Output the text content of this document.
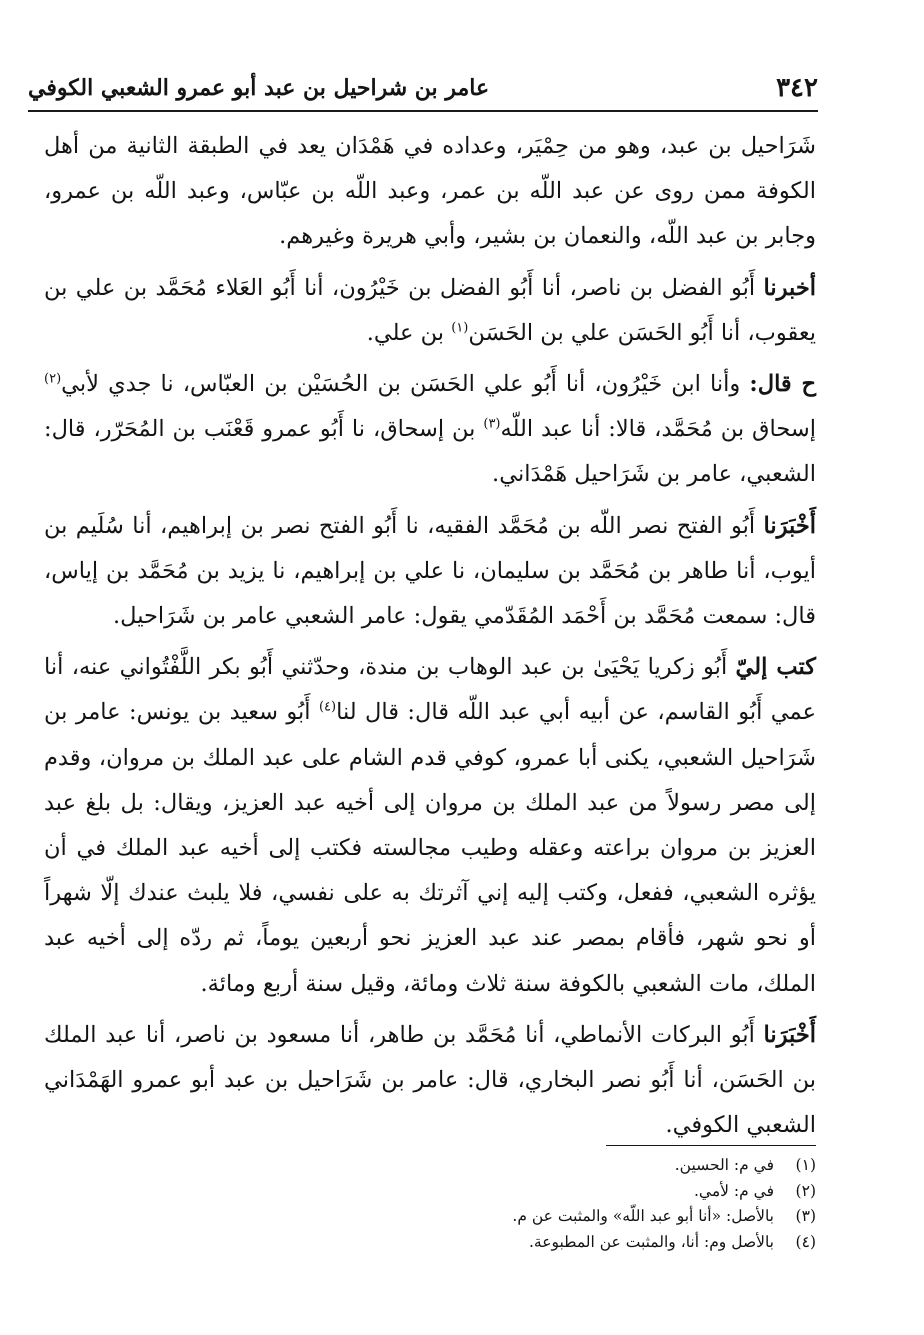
٣٤٢
عامر بن شراحيل بن عبد أبو عمرو الشعبي الكوفي

شَرَاحيل بن عبد، وهو من حِمْيَر، وعداده في هَمْدَان يعد في الطبقة الثانية من أهل الكوفة ممن روى عن عبد اللّه بن عمر، وعبد اللّه بن عبّاس، وعبد اللّه بن عمرو، وجابر بن عبد اللّه، والنعمان بن بشير، وأبي هريرة وغيرهم.

أخبرنا أَبُو الفضل بن ناصر، أنا أَبُو الفضل بن خَيْرُون، أنا أَبُو العَلاء مُحَمَّد بن علي بن يعقوب، أنا أَبُو الحَسَن علي بن الحَسَن$^{(١)}$ بن علي.

ح قال: وأنا ابن خَيْرُون، أنا أَبُو علي الحَسَن بن الحُسَيْن بن العبّاس، نا جدي لأبي$^{(٢)}$ إسحاق بن مُحَمَّد، قالا: أنا عبد اللّه$^{(٣)}$ بن إسحاق، نا أَبُو عمرو قَعْنَب بن المُحَرّر، قال: الشعبي، عامر بن شَرَاحيل هَمْدَاني.

أَخْبَرَنا أَبُو الفتح نصر اللّه بن مُحَمَّد الفقيه، نا أَبُو الفتح نصر بن إبراهيم، أنا سُلَيم بن أيوب، أنا طاهر بن مُحَمَّد بن سليمان، نا علي بن إبراهيم، نا يزيد بن مُحَمَّد بن إياس، قال: سمعت مُحَمَّد بن أَحْمَد المُقَدّمي يقول: عامر الشعبي عامر بن شَرَاحيل.

كتب إليّ أَبُو زكريا يَحْيَىٰ بن عبد الوهاب بن مندة، وحدّثني أَبُو بكر اللَّفْتُواني عنه، أنا عمي أَبُو القاسم، عن أبيه أبي عبد اللّه قال: قال لنا$^{(٤)}$ أَبُو سعيد بن يونس: عامر بن شَرَاحيل الشعبي، يكنى أبا عمرو، كوفي قدم الشام على عبد الملك بن مروان، وقدم إلى مصر رسولاً من عبد الملك بن مروان إلى أخيه عبد العزيز، ويقال: بل بلغ عبد العزيز بن مروان براعته وعقله وطيب مجالسته فكتب إلى أخيه عبد الملك في أن يؤثره الشعبي، ففعل، وكتب إليه إني آثرتك به على نفسي، فلا يلبث عندك إلّا شهراً أو نحو شهر، فأقام بمصر عند عبد العزيز نحو أربعين يوماً، ثم ردّه إلى أخيه عبد الملك، مات الشعبي بالكوفة سنة ثلاث ومائة، وقيل سنة أربع ومائة.

أَخْبَرَنا أَبُو البركات الأنماطي، أنا مُحَمَّد بن طاهر، أنا مسعود بن ناصر، أنا عبد الملك بن الحَسَن، أنا أَبُو نصر البخاري، قال: عامر بن شَرَاحيل بن عبد أبو عمرو الهَمْدَاني الشعبي الكوفي.

(١)في م: الحسين.

(٢)في م: لأمي.

(٣)بالأصل: «أنا أبو عبد اللّه» والمثبت عن م.

(٤)بالأصل وم: أنا، والمثبت عن المطبوعة.
